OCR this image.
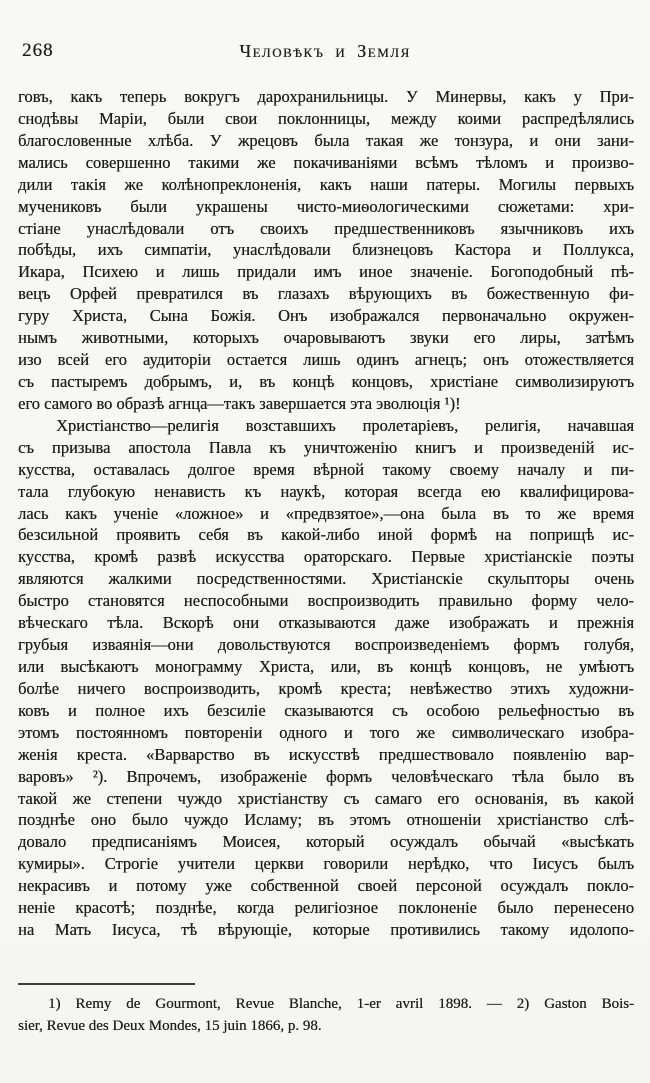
268	Человѣкъ и Земля
говъ, какъ теперь вокругъ дарохранильницы. У Минервы, какъ у При-
снодѣвы Маріи, были свои поклонницы, между коими распредѣлялись
благословенные хлѣба. У жрецовъ была такая же тонзура, и они зани-
мались совершенно такими же покачиваніями всѣмъ тѣломъ и произво-
дили такія же колѣнопреклоненія, какъ наши патеры. Могилы первыхъ
мучениковъ были украшены чисто-миѳологическими сюжетами: хри-
стіане унаслѣдовали отъ своихъ предшественниковъ язычниковъ ихъ
побѣды, ихъ симпатіи, унаслѣдовали близнецовъ Кастора и Поллукса,
Икара, Психею и лишь придали имъ иное значеніе. Богоподобный пѣ-
вецъ Орфей превратился въ глазахъ вѣрующихъ въ божественную фи-
гуру Христа, Сына Божія. Онъ изображался первоначально окружен-
нымъ животными, которыхъ очаровываютъ звуки его лиры, затѣмъ
изо всей его аудиторіи остается лишь одинъ агнецъ; онъ отожествляется
съ пастыремъ добрымъ, и, въ концѣ концовъ, христіане символизируютъ
его самого во образѣ агнца—такъ завершается эта эволюція ¹)!
Христіанство—религія возставшихъ пролетаріевъ, религія, начавшая
съ призыва апостола Павла къ уничтоженію книгъ и произведеній ис-
кусства, оставалась долгое время вѣрной такому своему началу и пи-
тала глубокую ненависть къ наукѣ, которая всегда ею квалифицирова-
лась какъ ученіе «ложное» и «предвзятое»,—она была въ то же время
безсильной проявить себя въ какой-либо иной формѣ на поприщѣ ис-
кусства, кромѣ развѣ искусства ораторскаго. Первые христіанскіе поэты
являются жалкими посредственностями. Христіанскіе скульпторы очень
быстро становятся неспособными воспроизводить правильно форму чело-
вѣческаго тѣла. Вскорѣ они отказываются даже изображать и прежнія
грубыя изваянія—они довольствуются воспроизведеніемъ формъ голубя,
или высѣкаютъ монограмму Христа, или, въ концѣ концовъ, не умѣютъ
болѣе ничего воспроизводить, кромѣ креста; невѣжество этихъ художни-
ковъ и полное ихъ безсиліе сказываются съ особою рельефностью въ
этомъ постоянномъ повтореніи одного и того же символическаго изобра-
женія креста. «Варварство въ искусствѣ предшествовало появленію вар-
варовъ» ²). Впрочемъ, изображеніе формъ человѣческаго тѣла было въ
такой же степени чуждо христіанству съ самаго его основанія, въ какой
позднѣе оно было чуждо Исламу; въ этомъ отношеніи христіанство слѣ-
довало предписаніямъ Моисея, который осуждалъ обычай «высѣкать
кумиры». Строгіе учители церкви говорили нерѣдко, что Іисусъ былъ
некрасивъ и потому уже собственной своей персоной осуждалъ покло-
неніе красотѣ; позднѣе, когда религіозное поклоненіе было перенесено
на Мать Іисуса, тѣ вѣрующіе, которые противились такому идолопо-
1) Remy de Gourmont, Revue Blanche, 1-er avril 1898. — 2) Gaston Bois-
sier, Revue des Deux Mondes, 15 juin 1866, p. 98.
